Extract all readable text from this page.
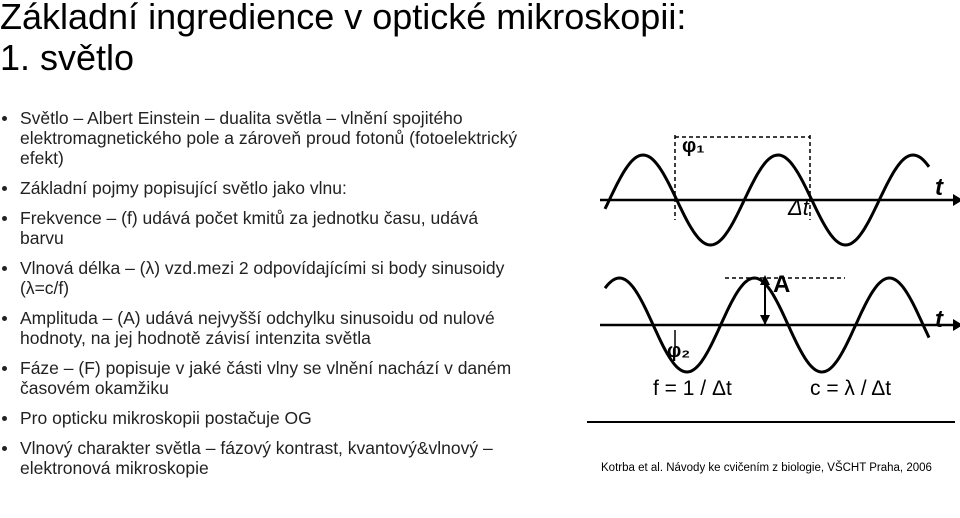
Základní ingredience v optické mikroskopii:
1. světlo
Světlo – Albert Einstein – dualita světla – vlnění spojitého elektromagnetického pole a zároveň proud fotonů (fotoelektrický efekt)
Základní pojmy popisující světlo jako vlnu:
Frekvence – (f) udává počet kmitů za jednotku času, udává barvu
Vlnová délka – (λ) vzd.mezi 2 odpovídajícími si body sinusoidy (λ=c/f)
Amplituda – (A) udává nejvyšší odchylku sinusoidu od nulové hodnoty, na jej hodnotě závisí intenzita světla
Fáze – (F) popisuje v jaké části vlny se vlnění nachází v daném časovém okamžiku
Pro opticku mikroskopii postačuje OG
Vlnový charakter světla – fázový kontrast, kvantový&vlnový – elektronová mikroskopie
φ₁
t
Δt
A
t
φ₂
f = 1 / Δt	c = λ / Δt
Kotrba et al. Návody ke cvičením z biologie, VŠCHT Praha, 2006
